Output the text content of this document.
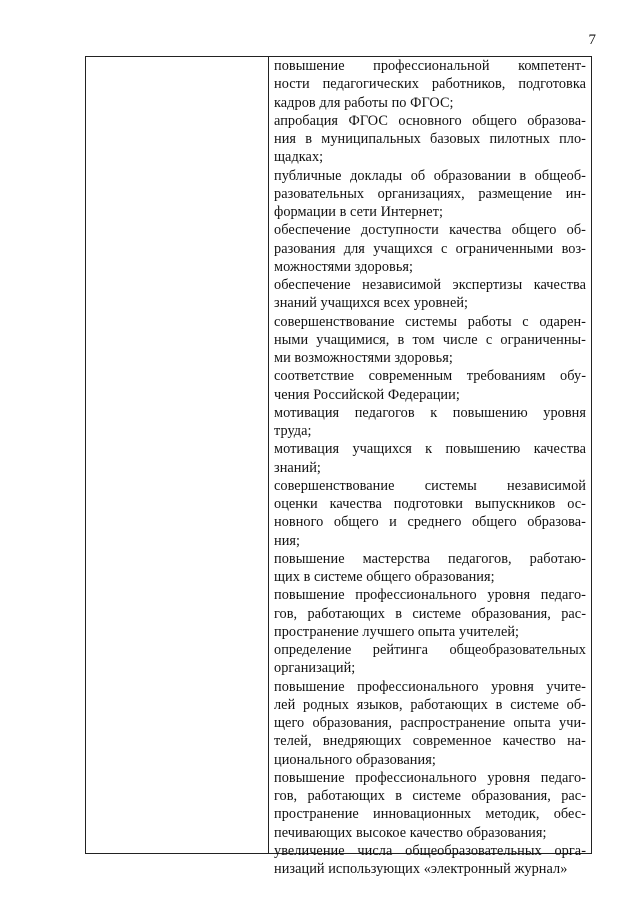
7
повышение профессиональной компетент-
ности педагогических работников, подготовка
кадров для работы по ФГОС;
апробация ФГОС основного общего образова-
ния в муниципальных базовых пилотных пло-
щадках;
публичные доклады об образовании в общеоб-
разовательных организациях, размещение ин-
формации в сети Интернет;
обеспечение доступности качества общего об-
разования для учащихся с ограниченными воз-
можностями здоровья;
обеспечение независимой экспертизы качества
знаний учащихся всех уровней;
совершенствование системы работы с одарен-
ными учащимися, в том числе с ограниченны-
ми возможностями здоровья;
соответствие современным требованиям обу-
чения Российской Федерации;
мотивация педагогов к повышению уровня
труда;
мотивация учащихся к повышению качества
знаний;
совершенствование системы независимой
оценки качества подготовки выпускников ос-
новного общего и среднего общего образова-
ния;
повышение мастерства педагогов, работаю-
щих в системе общего образования;
повышение профессионального уровня педаго-
гов, работающих в системе образования, рас-
пространение лучшего опыта учителей;
определение рейтинга общеобразовательных
организаций;
повышение профессионального уровня учите-
лей родных языков, работающих в системе об-
щего образования, распространение опыта учи-
телей, внедряющих современное качество на-
ционального образования;
повышение профессионального уровня педаго-
гов, работающих в системе образования, рас-
пространение инновационных методик, обес-
печивающих высокое качество образования;
увеличение числа общеобразовательных орга-
низаций использующих «электронный журнал»
